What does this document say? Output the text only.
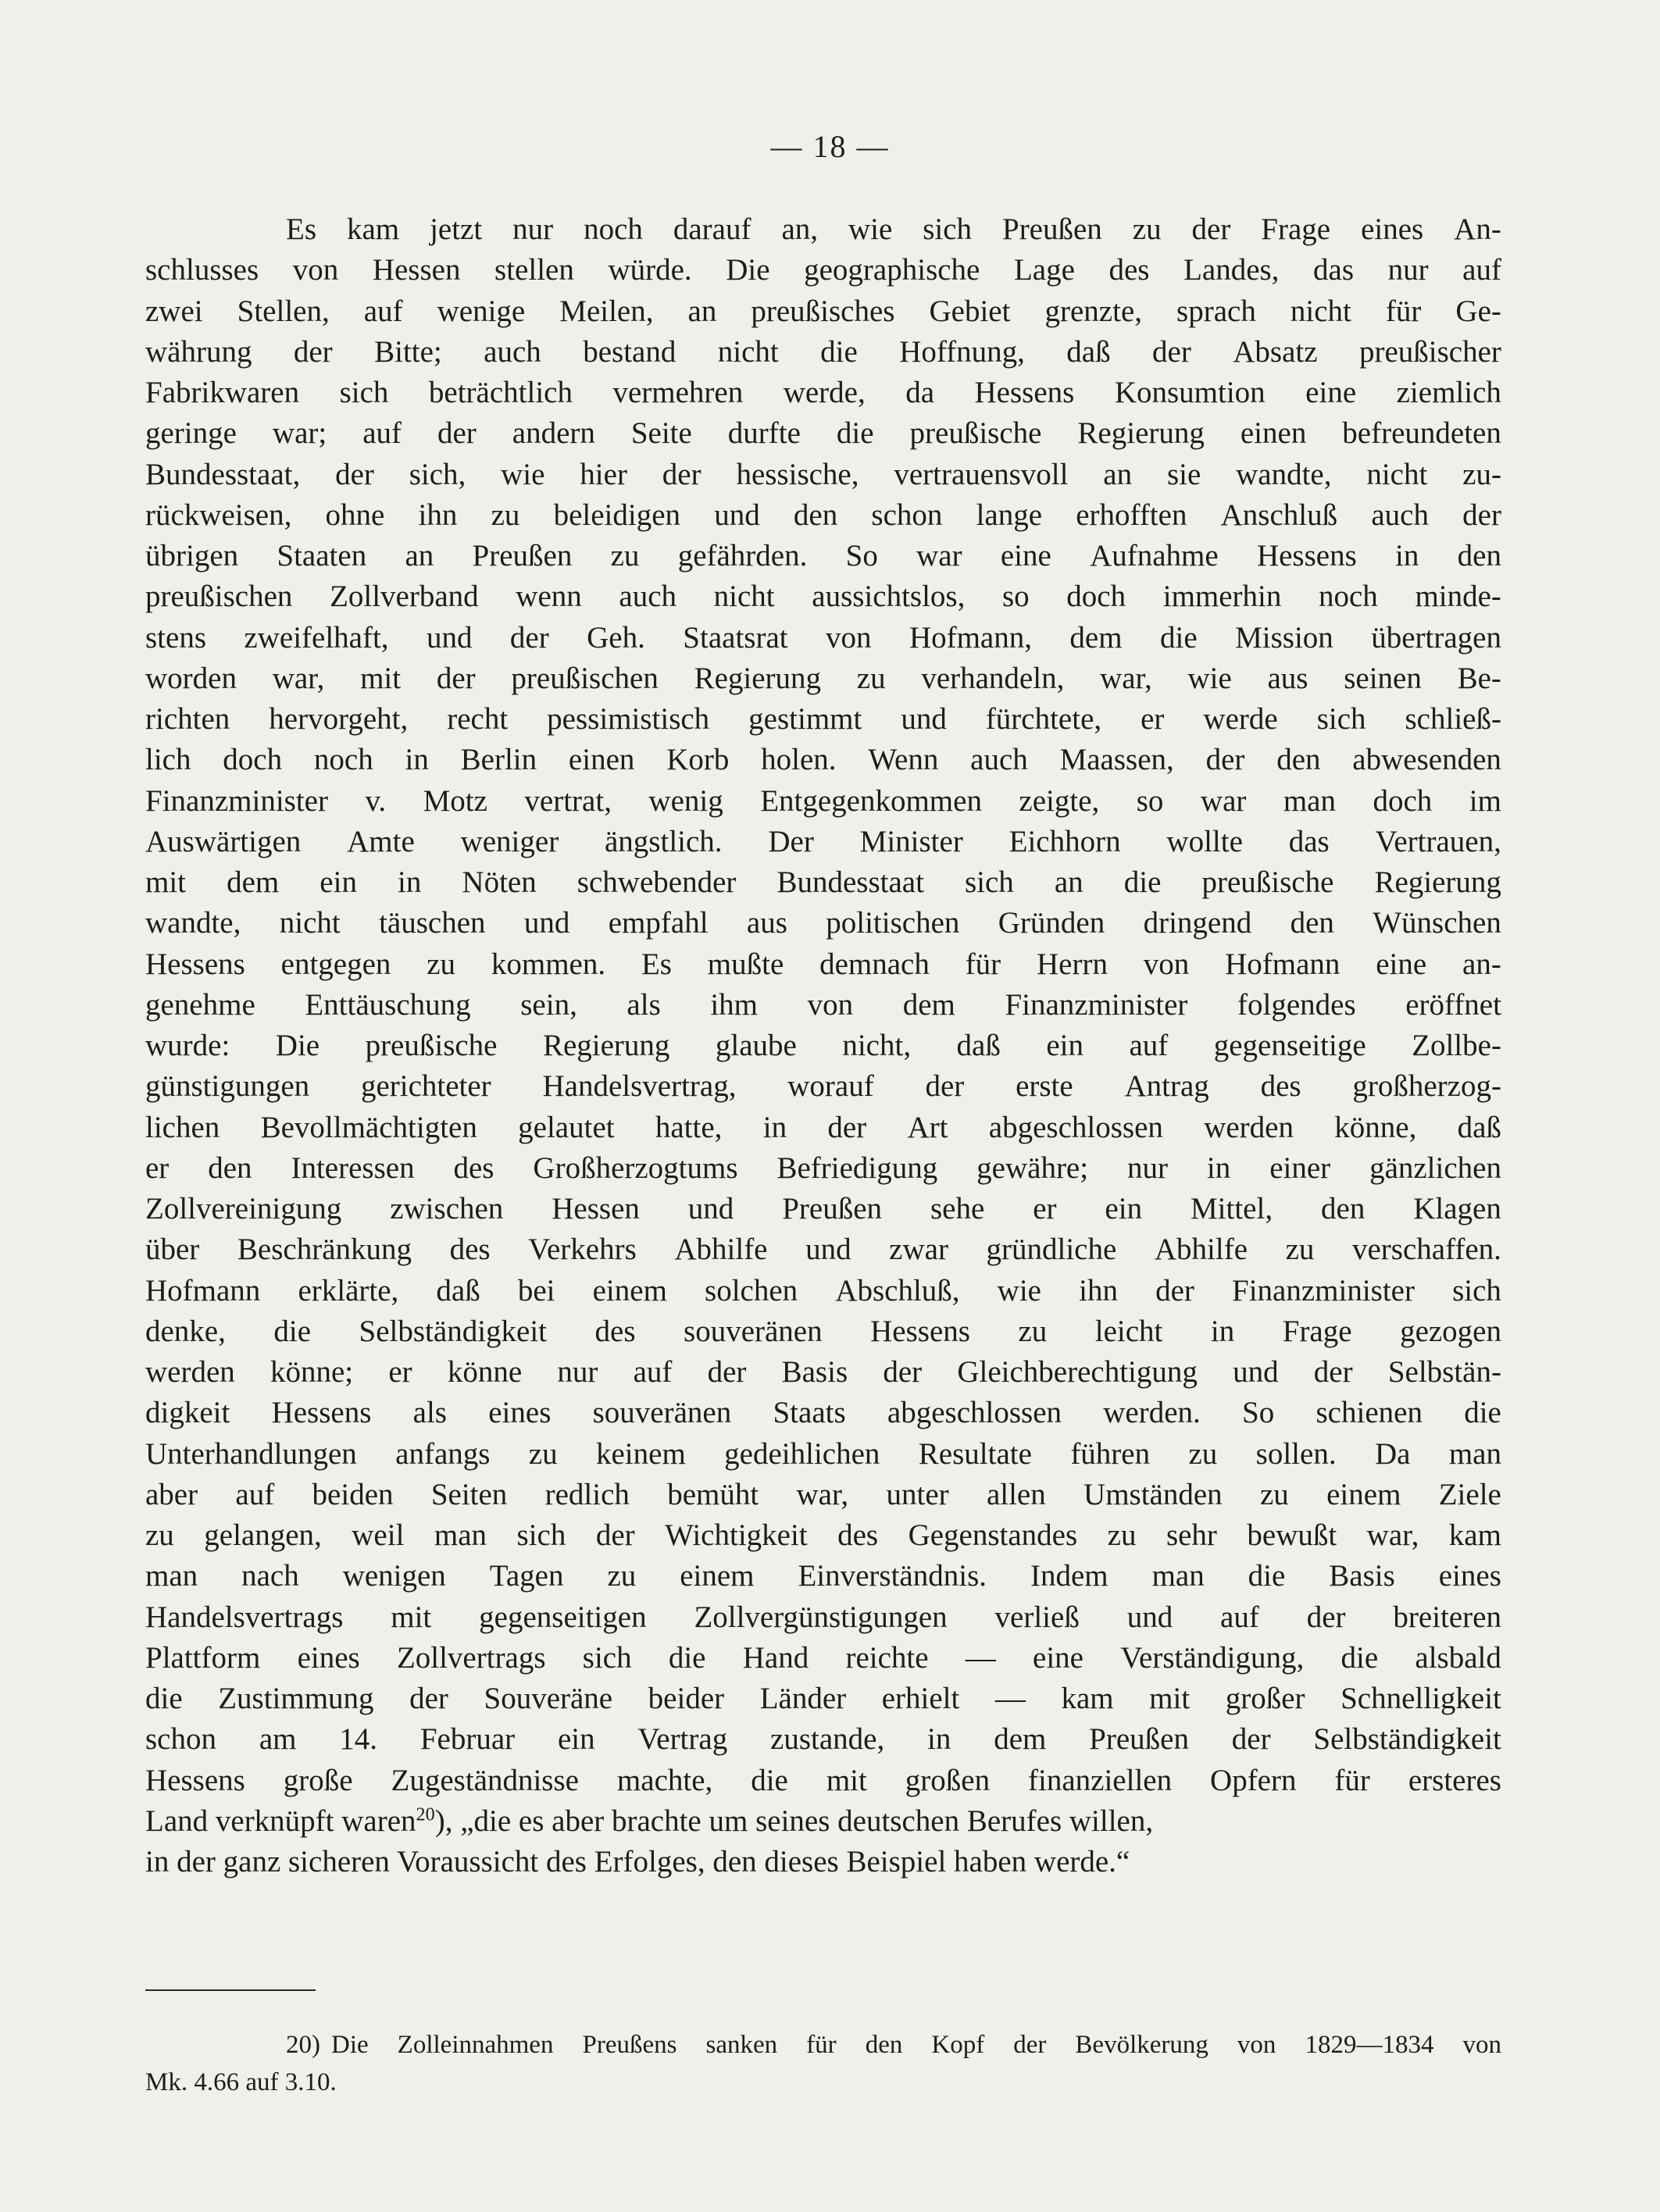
— 18 —
Es kam jetzt nur noch darauf an, wie sich Preußen zu der Frage eines An-
schlusses von Hessen stellen würde. Die geographische Lage des Landes, das nur auf
zwei Stellen, auf wenige Meilen, an preußisches Gebiet grenzte, sprach nicht für Ge-
währung der Bitte; auch bestand nicht die Hoffnung, daß der Absatz preußischer
Fabrikwaren sich beträchtlich vermehren werde, da Hessens Konsumtion eine ziemlich
geringe war; auf der andern Seite durfte die preußische Regierung einen befreundeten
Bundesstaat, der sich, wie hier der hessische, vertrauensvoll an sie wandte, nicht zu-
rückweisen, ohne ihn zu beleidigen und den schon lange erhofften Anschluß auch der
übrigen Staaten an Preußen zu gefährden. So war eine Aufnahme Hessens in den
preußischen Zollverband wenn auch nicht aussichtslos, so doch immerhin noch minde-
stens zweifelhaft, und der Geh. Staatsrat von Hofmann, dem die Mission übertragen
worden war, mit der preußischen Regierung zu verhandeln, war, wie aus seinen Be-
richten hervorgeht, recht pessimistisch gestimmt und fürchtete, er werde sich schließ-
lich doch noch in Berlin einen Korb holen. Wenn auch Maassen, der den abwesenden
Finanzminister v. Motz vertrat, wenig Entgegenkommen zeigte, so war man doch im
Auswärtigen Amte weniger ängstlich. Der Minister Eichhorn wollte das Vertrauen,
mit dem ein in Nöten schwebender Bundesstaat sich an die preußische Regierung
wandte, nicht täuschen und empfahl aus politischen Gründen dringend den Wünschen
Hessens entgegen zu kommen. Es mußte demnach für Herrn von Hofmann eine an-
genehme Enttäuschung sein, als ihm von dem Finanzminister folgendes eröffnet
wurde: Die preußische Regierung glaube nicht, daß ein auf gegenseitige Zollbe-
günstigungen gerichteter Handelsvertrag, worauf der erste Antrag des großherzog-
lichen Bevollmächtigten gelautet hatte, in der Art abgeschlossen werden könne, daß
er den Interessen des Großherzogtums Befriedigung gewähre; nur in einer gänzlichen
Zollvereinigung zwischen Hessen und Preußen sehe er ein Mittel, den Klagen
über Beschränkung des Verkehrs Abhilfe und zwar gründliche Abhilfe zu verschaffen.
Hofmann erklärte, daß bei einem solchen Abschluß, wie ihn der Finanzminister sich
denke, die Selbständigkeit des souveränen Hessens zu leicht in Frage gezogen
werden könne; er könne nur auf der Basis der Gleichberechtigung und der Selbstän-
digkeit Hessens als eines souveränen Staats abgeschlossen werden. So schienen die
Unterhandlungen anfangs zu keinem gedeihlichen Resultate führen zu sollen. Da man
aber auf beiden Seiten redlich bemüht war, unter allen Umständen zu einem Ziele
zu gelangen, weil man sich der Wichtigkeit des Gegenstandes zu sehr bewußt war, kam
man nach wenigen Tagen zu einem Einverständnis. Indem man die Basis eines
Handelsvertrags mit gegenseitigen Zollvergünstigungen verließ und auf der breiteren
Plattform eines Zollvertrags sich die Hand reichte — eine Verständigung, die alsbald
die Zustimmung der Souveräne beider Länder erhielt — kam mit großer Schnelligkeit
schon am 14. Februar ein Vertrag zustande, in dem Preußen der Selbständigkeit
Hessens große Zugeständnisse machte, die mit großen finanziellen Opfern für ersteres
Land verknüpft waren$^{20}$), „die es aber brachte um seines deutschen Berufes willen,
in der ganz sicheren Voraussicht des Erfolges, den dieses Beispiel haben werde.“
20) Die Zolleinnahmen Preußens sanken für den Kopf der Bevölkerung von 1829—1834 von
Mk. 4.66 auf 3.10.
